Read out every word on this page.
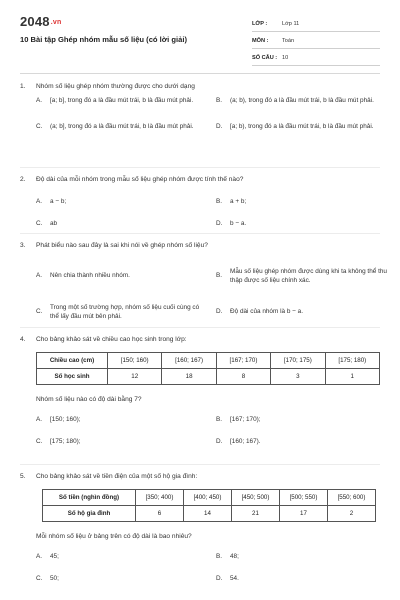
2048.vn
10 Bài tập Ghép nhóm mẫu số liệu (có lời giải)
LỚP :	Lớp 11
MÔN :	Toán
SỐ CÂU : 10
1.	Nhóm số liệu ghép nhóm thường được cho dưới dạng
A.	[a; b], trong đó a là đầu mút trái, b là đầu mút phải.	B.	(a; b), trong đó a là đầu mút trái, b là đầu mút phải.
C.	(a; b], trong đó a là đầu mút trái, b là đầu mút phải.	D.	[a; b), trong đó a là đầu mút trái, b là đầu mút phải.
2.	Độ dài của mỗi nhóm trong mẫu số liệu ghép nhóm được tính thế nào?
A.	a − b;	B.	a + b;
C.	ab	D.	b − a.
3.	Phát biểu nào sau đây là sai khi nói về ghép nhóm số liệu?
A.	Nên chia thành nhiều nhóm.	B.
Mẫu số liệu ghép nhóm được dùng khi ta không thể thu thập được số liệu chính xác.
C.
Trong một số trường hợp, nhóm số liệu cuối cùng có thể lấy đầu mút bên phải.
D.	Độ dài của nhóm là b − a.
4.	Cho bảng khảo sát về chiều cao học sinh trong lớp:
Chiều cao (cm)	[150; 160)	[160; 167)	[167; 170)	[170; 175)	[175; 180)
Số học sinh	12	18	8	3	1
Nhóm số liệu nào có độ dài bằng 7?
A.	[150; 160);	B.	[167; 170);
C.	[175; 180);	D.	[160; 167).
5.	Cho bảng khảo sát về tiền điện của một số hộ gia đình:
Số tiền (nghìn đồng)	[350; 400)	[400; 450)	[450; 500)	[500; 550)	[550; 600)
Số hộ gia đình	6	14	21	17	2
Mỗi nhóm số liệu ở bảng trên có độ dài là bao nhiêu?
A.	45;	B.	48;
C.	50;	D.	54.
